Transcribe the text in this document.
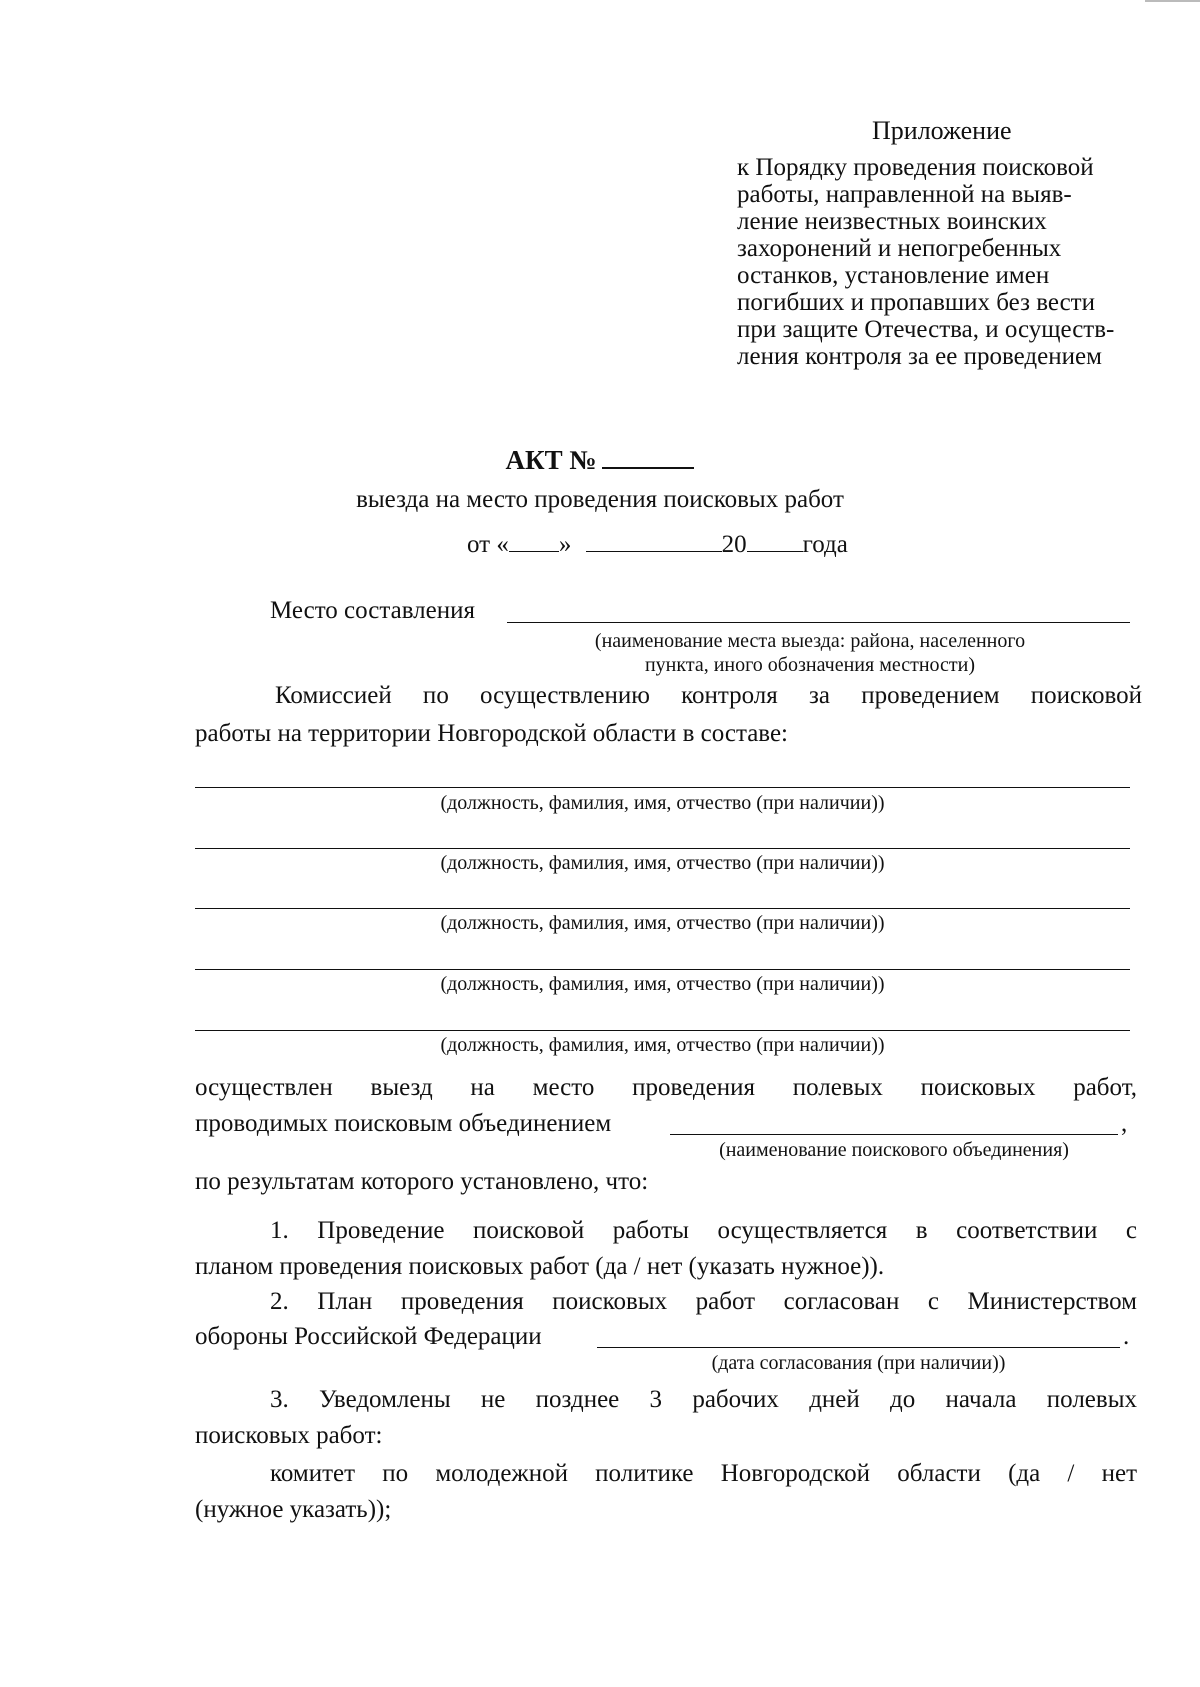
Приложение
к Порядку проведения поисковой
работы, направленной на выяв-
ление неизвестных воинских
захоронений и непогребенных
останков, установление имен
погибших и пропавших без вести
при защите Отечества, и осуществ-
ления контроля за ее проведением
АКТ №
выезда на место проведения поисковых работ
от « »	20 года
Место составления
(наименование места выезда: района, населенного
пункта, иного обозначения местности)
Комиссией по осуществлению контроля за проведением поисковой
работы на территории Новгородской области в составе:
(должность, фамилия, имя, отчество (при наличии))
(должность, фамилия, имя, отчество (при наличии))
(должность, фамилия, имя, отчество (при наличии))
(должность, фамилия, имя, отчество (при наличии))
(должность, фамилия, имя, отчество (при наличии))
осуществлен выезд на место проведения полевых поисковых работ,
проводимых поисковым объединением	,
(наименование поискового объединения)
по результатам которого установлено, что:
1. Проведение поисковой работы осуществляется в соответствии с
планом проведения поисковых работ (да / нет (указать нужное)).
2. План проведения поисковых работ согласован с Министерством
обороны Российской Федерации	.
(дата согласования (при наличии))
3. Уведомлены не позднее 3 рабочих дней до начала полевых
поисковых работ:
комитет по молодежной политике Новгородской области (да / нет
(нужное указать));
